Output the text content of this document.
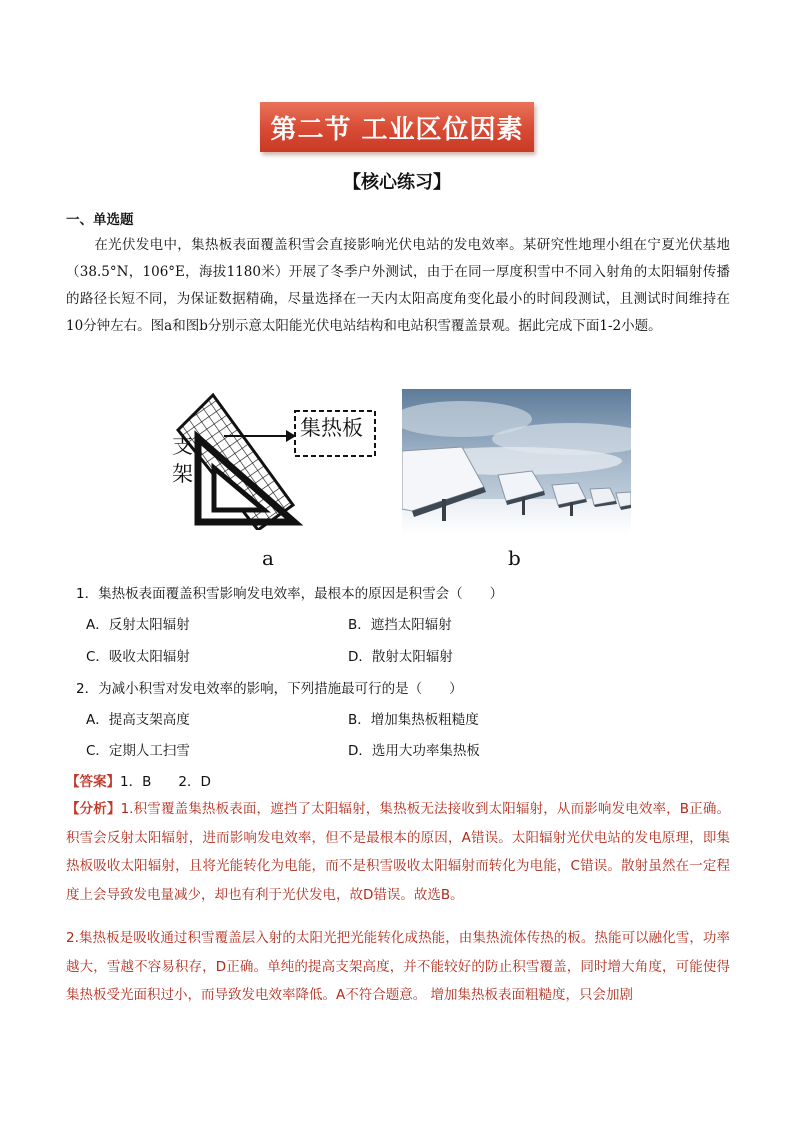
第二节 工业区位因素
【核心练习】
一、单选题
在光伏发电中，集热板表面覆盖积雪会直接影响光伏电站的发电效率。某研究性地理小组在宁夏光伏基地（38.5°N，106°E，海拔1180米）开展了冬季户外测试，由于在同一厚度积雪中不同入射角的太阳辐射传播的路径长短不同，为保证数据精确，尽量选择在一天内太阳高度角变化最小的时间段测试，且测试时间维持在10分钟左右。图a和图b分别示意太阳能光伏电站结构和电站积雪覆盖景观。据此完成下面1-2小题。
集热板
支架
a	b
1．集热板表面覆盖积雪影响发电效率，最根本的原因是积雪会（　　）
A．反射太阳辐射	B．遮挡太阳辐射
C．吸收太阳辐射	D．散射太阳辐射
2．为减小积雪对发电效率的影响，下列措施最可行的是（　　）
A．提高支架高度	B．增加集热板粗糙度
C．定期人工扫雪	D．选用大功率集热板
【答案】1．B　　2．D
【分析】1.积雪覆盖集热板表面，遮挡了太阳辐射，集热板无法接收到太阳辐射，从而影响发电效率，B正确。积雪会反射太阳辐射，进而影响发电效率，但不是最根本的原因，A错误。太阳辐射光伏电站的发电原理，即集热板吸收太阳辐射，且将光能转化为电能，而不是积雪吸收太阳辐射而转化为电能，C错误。散射虽然在一定程度上会导致发电量减少，却也有利于光伏发电，故D错误。故选B。
2.集热板是吸收通过积雪覆盖层入射的太阳光把光能转化成热能，由集热流体传热的板。热能可以融化雪，功率越大，雪越不容易积存，D正确。单纯的提高支架高度，并不能较好的防止积雪覆盖，同时增大角度，可能使得集热板受光面积过小，而导致发电效率降低。A不符合题意。 增加集热板表面粗糙度，只会加剧
